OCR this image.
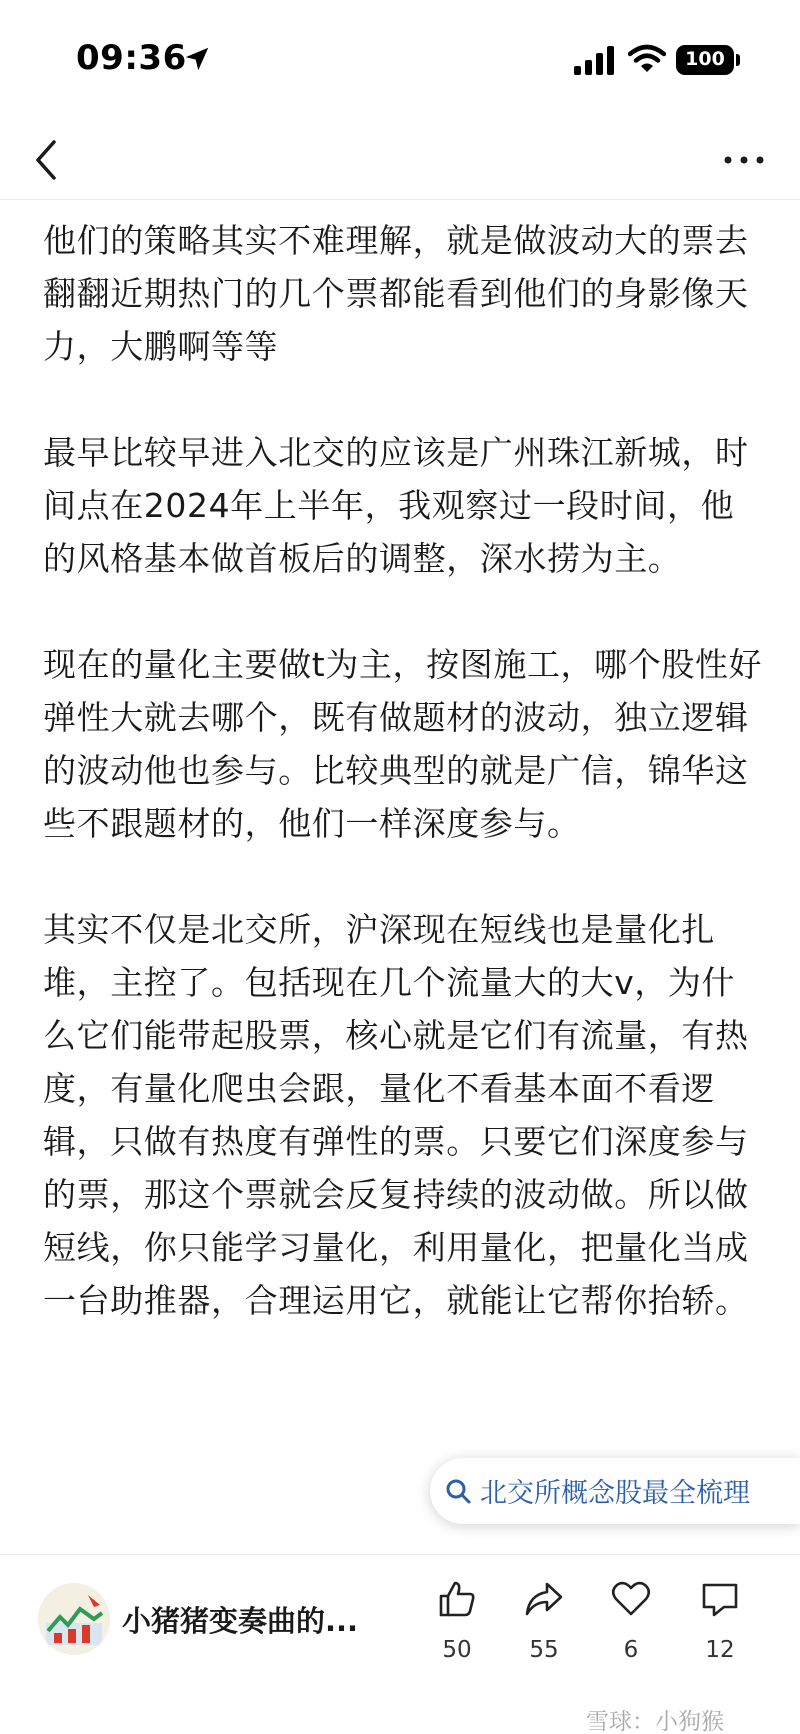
09:36	100

他们的策略其实不难理解，就是做波动大的票去翻翻近期热门的几个票都能看到他们的身影像天力，大鹏啊等等

最早比较早进入北交的应该是广州珠江新城，时间点在2024年上半年，我观察过一段时间，他的风格基本做首板后的调整，深水捞为主。

现在的量化主要做t为主，按图施工，哪个股性好弹性大就去哪个，既有做题材的波动，独立逻辑的波动他也参与。比较典型的就是广信，锦华这些不跟题材的，他们一样深度参与。

其实不仅是北交所，沪深现在短线也是量化扎堆，主控了。包括现在几个流量大的大v，为什么它们能带起股票，核心就是它们有流量，有热度，有量化爬虫会跟，量化不看基本面不看逻辑，只做有热度有弹性的票。只要它们深度参与的票，那这个票就会反复持续的波动做。所以做短线，你只能学习量化，利用量化，把量化当成一台助推器，合理运用它，就能让它帮你抬轿。

北交所概念股最全梳理
小猪猪变奏曲的...
50	55	6	12
雪球：小狗猴
